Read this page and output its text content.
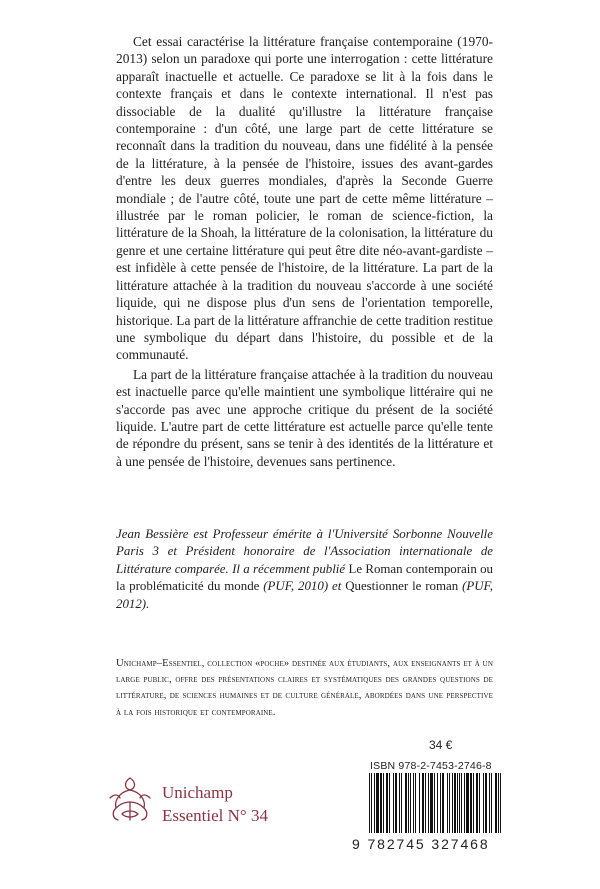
Cet essai caractérise la littérature française contemporaine (1970-2013) selon un paradoxe qui porte une interrogation : cette littérature apparaît inactuelle et actuelle. Ce paradoxe se lit à la fois dans le contexte français et dans le contexte international. Il n'est pas dissociable de la dualité qu'illustre la littérature française contemporaine : d'un côté, une large part de cette littérature se reconnaît dans la tradition du nouveau, dans une fidélité à la pensée de la littérature, à la pensée de l'histoire, issues des avant-gardes d'entre les deux guerres mondiales, d'après la Seconde Guerre mondiale ; de l'autre côté, toute une part de cette même littérature – illustrée par le roman policier, le roman de science-fiction, la littérature de la Shoah, la littérature de la colonisation, la littérature du genre et une certaine littérature qui peut être dite néo-avant-gardiste – est infidèle à cette pensée de l'histoire, de la littérature. La part de la littérature attachée à la tradition du nouveau s'accorde à une société liquide, qui ne dispose plus d'un sens de l'orientation temporelle, historique. La part de la littérature affranchie de cette tradition restitue une symbolique du départ dans l'histoire, du possible et de la communauté.

La part de la littérature française attachée à la tradition du nouveau est inactuelle parce qu'elle maintient une symbolique littéraire qui ne s'accorde pas avec une approche critique du présent de la société liquide. L'autre part de cette littérature est actuelle parce qu'elle tente de répondre du présent, sans se tenir à des identités de la littérature et à une pensée de l'histoire, devenues sans pertinence.

Jean Bessière est Professeur émérite à l'Université Sorbonne Nouvelle Paris 3 et Président honoraire de l'Association internationale de Littérature comparée. Il a récemment publié Le Roman contemporain ou la problématicité du monde (PUF, 2010) et Questionner le roman (PUF, 2012).
Unichamp–Essentiel, collection «poche» destinée aux étudiants, aux enseignants et à un large public, offre des présentations claires et systématiques des grandes questions de littérature, de sciences humaines et de culture générale, abordées dans une perspective à la fois historique et contemporaine.
34 €
ISBN 978-2-7453-2746-8
9 782745 327468
Unichamp
Essentiel N° 34
